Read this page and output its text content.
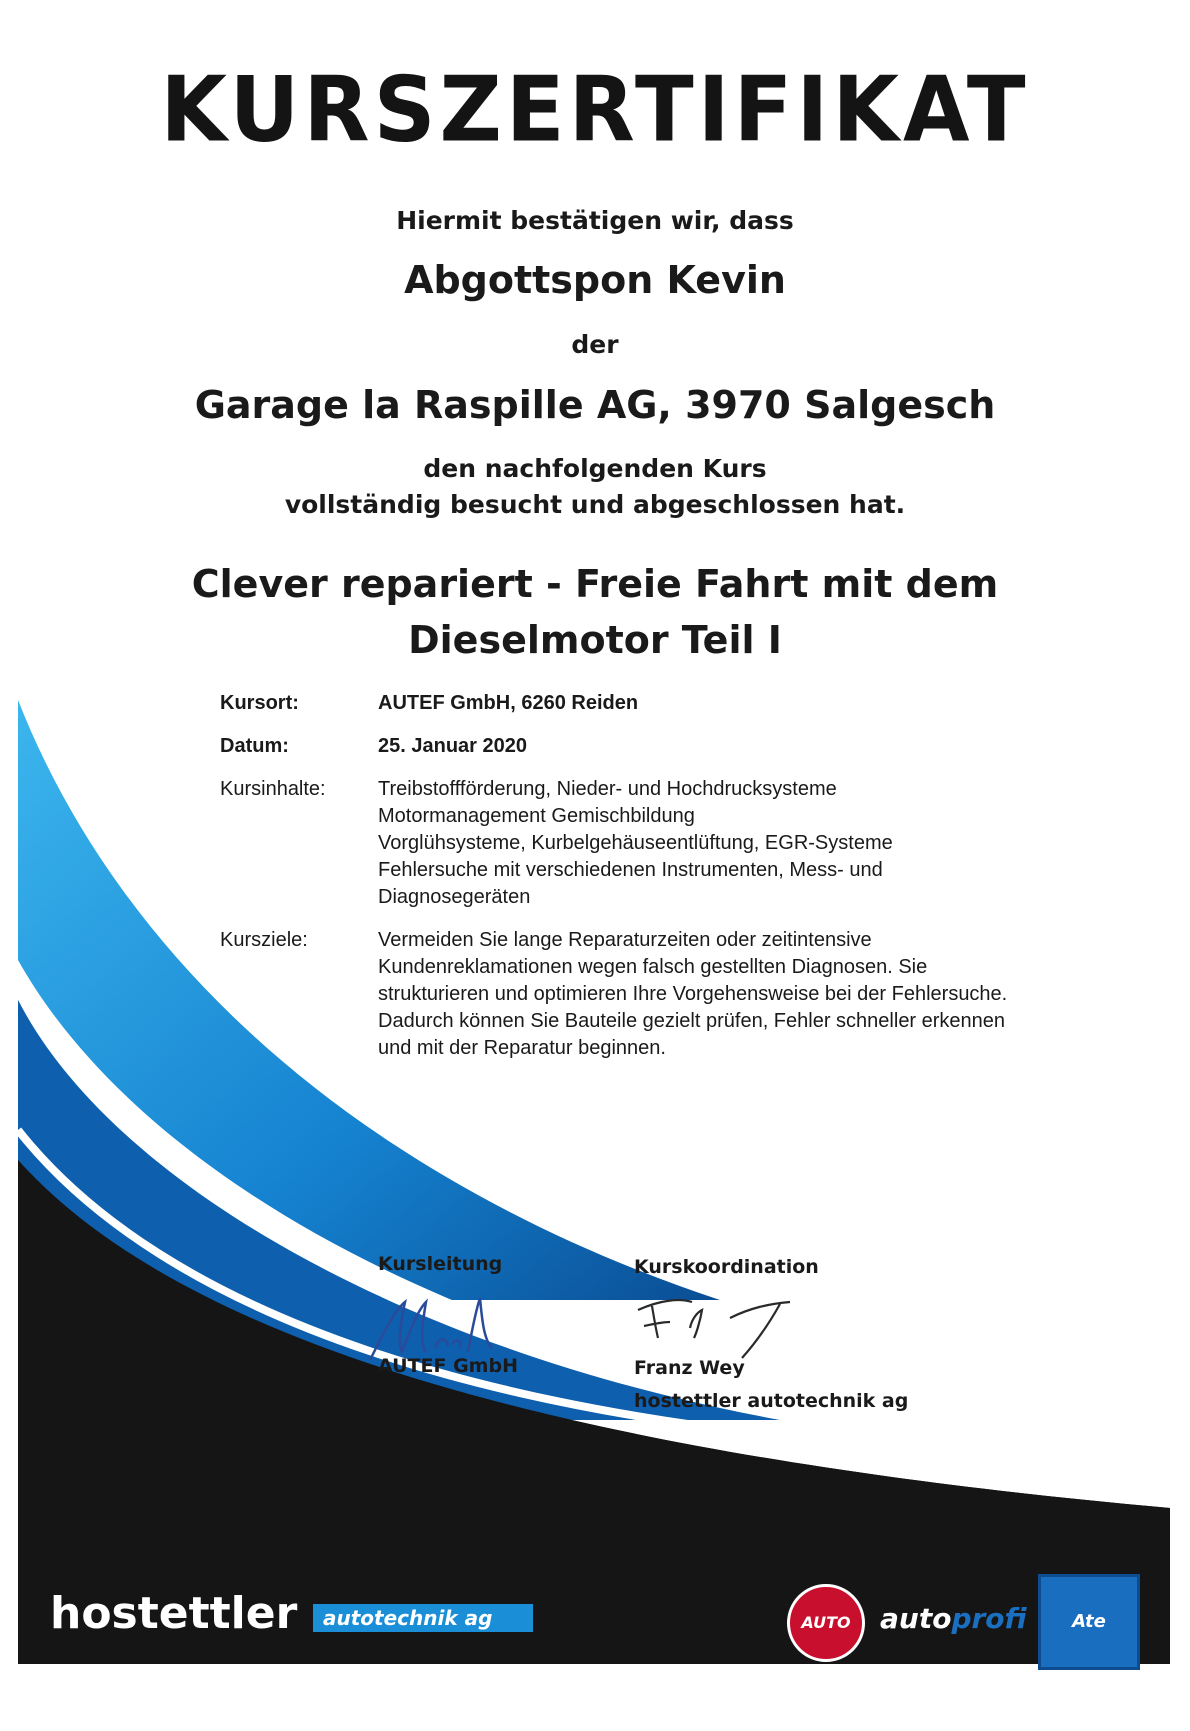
KURSZERTIFIKAT
Hiermit bestätigen wir, dass
Abgottspon Kevin
der
Garage la Raspille AG, 3970 Salgesch
den nachfolgenden Kurs
vollständig besucht und abgeschlossen hat.
Clever repariert - Freie Fahrt mit dem
Dieselmotor Teil I
Kursort:	AUTEF GmbH, 6260 Reiden
Datum:	25. Januar 2020
Kursinhalte:	Treibstoffförderung, Nieder- und Hochdrucksysteme
Motormanagement Gemischbildung
Vorglühsysteme, Kurbelgehäuseentlüftung, EGR-Systeme
Fehlersuche mit verschiedenen Instrumenten, Mess- und
Diagnosegeräten
Kursziele:	Vermeiden Sie lange Reparaturzeiten oder zeitintensive
Kundenreklamationen wegen falsch gestellten Diagnosen. Sie
strukturieren und optimieren Ihre Vorgehensweise bei der Fehlersuche.
Dadurch können Sie Bauteile gezielt prüfen, Fehler schneller erkennen
und mit der Reparatur beginnen.
Kursleitung
AUTEF GmbH
Kurskoordination
Franz Wey
hostettler autotechnik ag
hostettler	autotechnik ag	AUTO FIT
autoprofi	Ate
